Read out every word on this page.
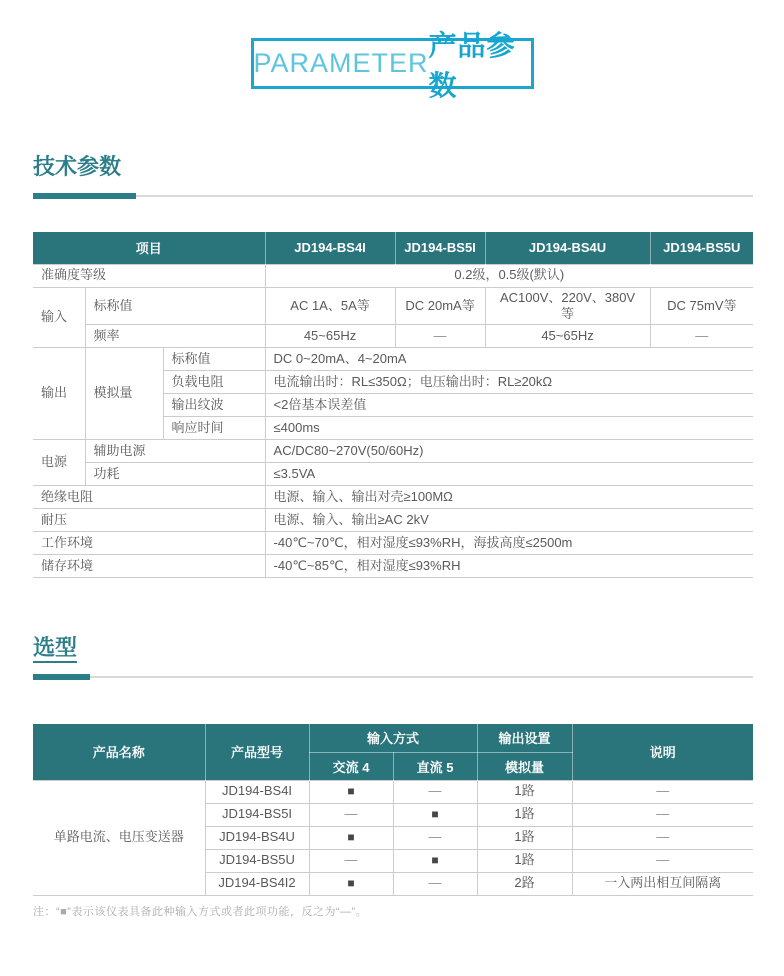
PARAMETER
产品参数
技术参数
项目			JD194-BS4I	JD194-BS5I	JD194-BS4U	JD194-BS5U
准确度等级			0.2级，0.5级(默认)			
输入	标称值		AC 1A、5A等	DC 20mA等	AC100V、220V、380V等	DC 75mV等
	频率		45~65Hz	—	45~65Hz	—
输出	模拟量	标称值	DC 0~20mA、4~20mA			
		负载电阻	电流输出时：RL≤350Ω；电压输出时：RL≥20kΩ			
		输出纹波	<2倍基本误差值			
		响应时间	≤400ms			
电源	辅助电源		AC/DC80~270V(50/60Hz)			
	功耗		≤3.5VA			
绝缘电阻			电源、输入、输出对壳≥100MΩ			
耐压			电源、输入、输出≥AC 2kV			
工作环境			-40℃~70℃，相对湿度≤93%RH，海拔高度≤2500m			
储存环境			-40℃~85℃，相对湿度≤93%RH			
选型
产品名称	产品型号	输入方式		输出设置	说明
		交流 4	直流 5	模拟量	
单路电流、电压变送器	JD194-BS4I	■	—	1路	—
	JD194-BS5I	—	■	1路	—
	JD194-BS4U	■	—	1路	—
	JD194-BS5U	—	■	1路	—
	JD194-BS4I2	■	—	2路	一入两出相互间隔离
注：“■”表示该仪表具备此种输入方式或者此项功能，反之为“—”。
